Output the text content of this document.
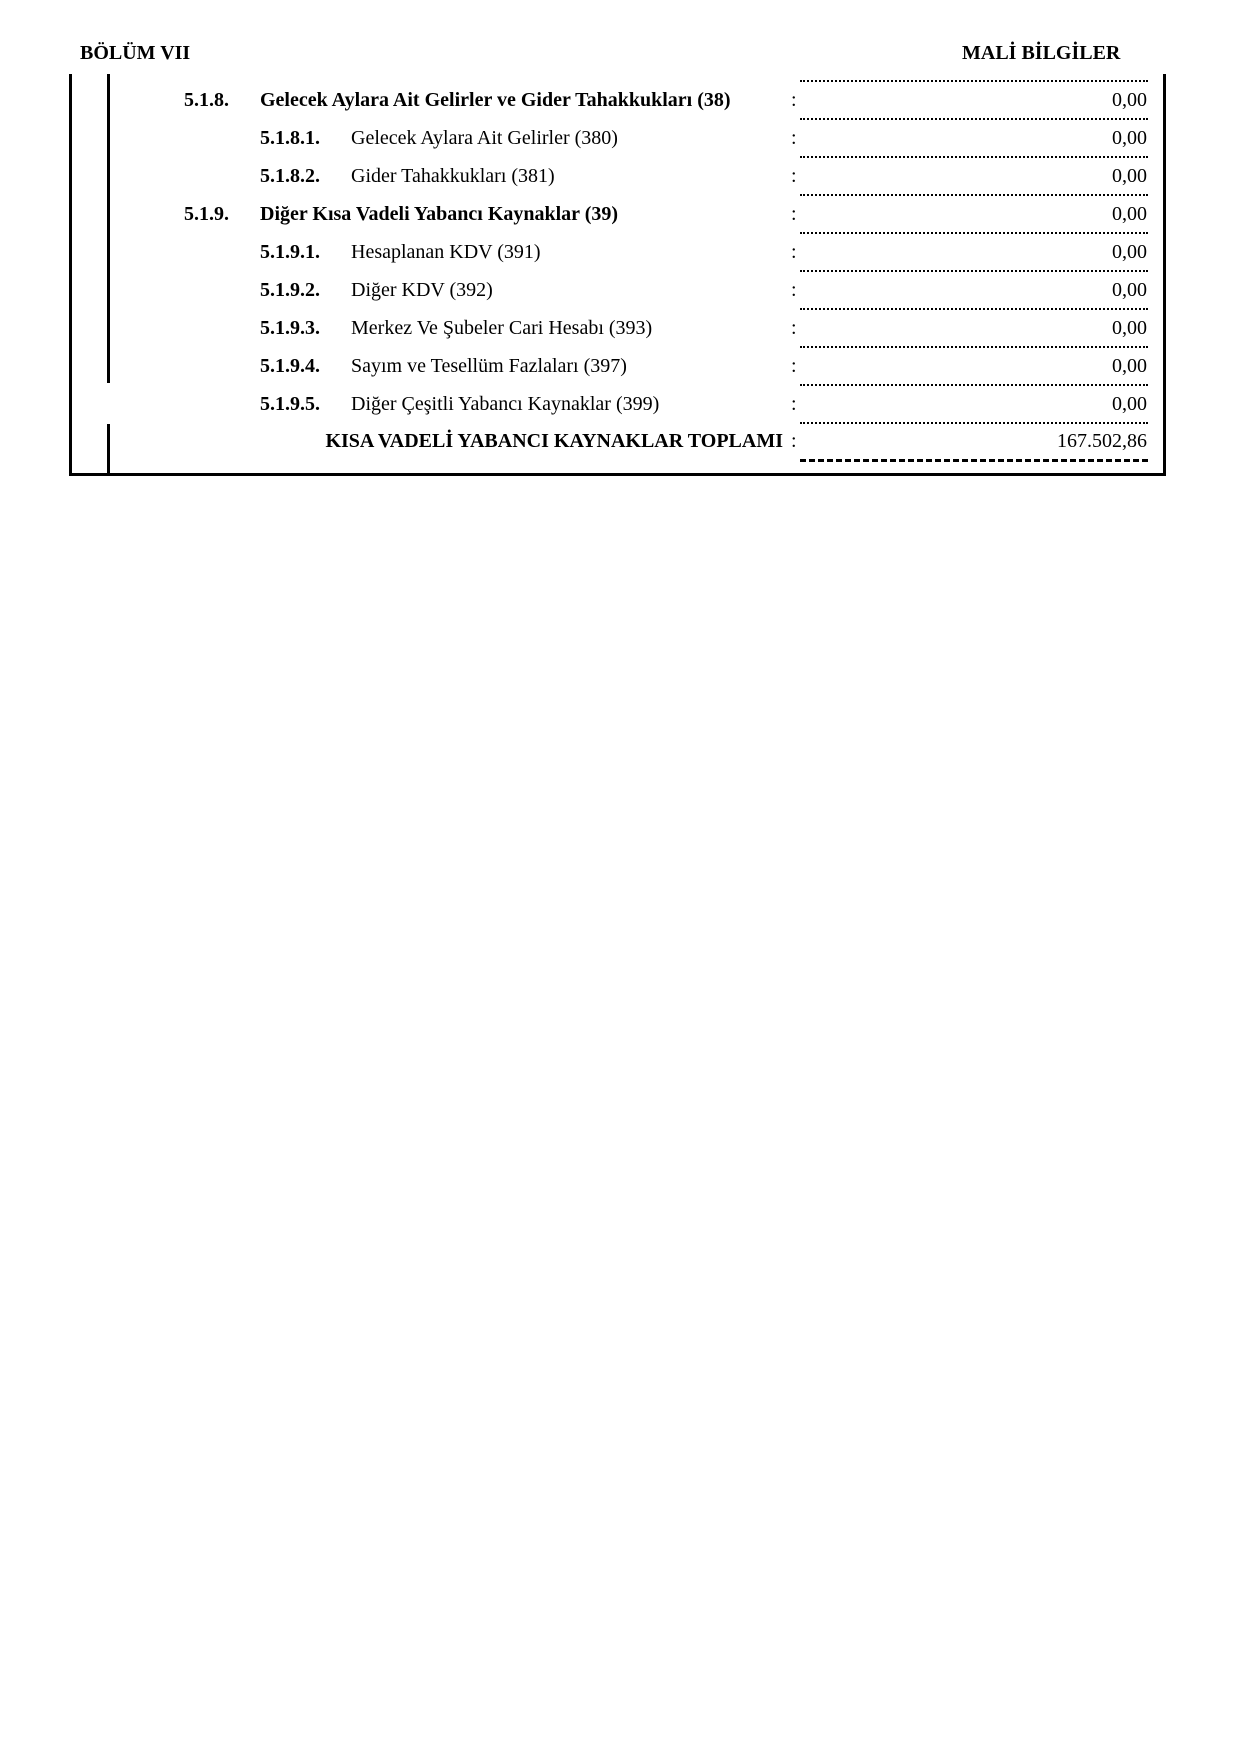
BÖLÜM VII	MALİ BİLGİLER
5.1.8. Gelecek Aylara Ait Gelirler ve Gider Tahakkukları (38)	:	0,00
5.1.8.1. Gelecek Aylara Ait Gelirler (380)	:	0,00
5.1.8.2. Gider Tahakkukları (381)	:	0,00
5.1.9. Diğer Kısa Vadeli Yabancı Kaynaklar (39)	:	0,00
5.1.9.1. Hesaplanan KDV (391)	:	0,00
5.1.9.2. Diğer KDV (392)	:	0,00
5.1.9.3. Merkez Ve Şubeler Cari Hesabı (393)	:	0,00
5.1.9.4. Sayım ve Tesellüm Fazlaları (397)	:	0,00
5.1.9.5. Diğer Çeşitli Yabancı Kaynaklar (399)	:	0,00
KISA VADELİ YABANCI KAYNAKLAR TOPLAMI :	167.502,86
